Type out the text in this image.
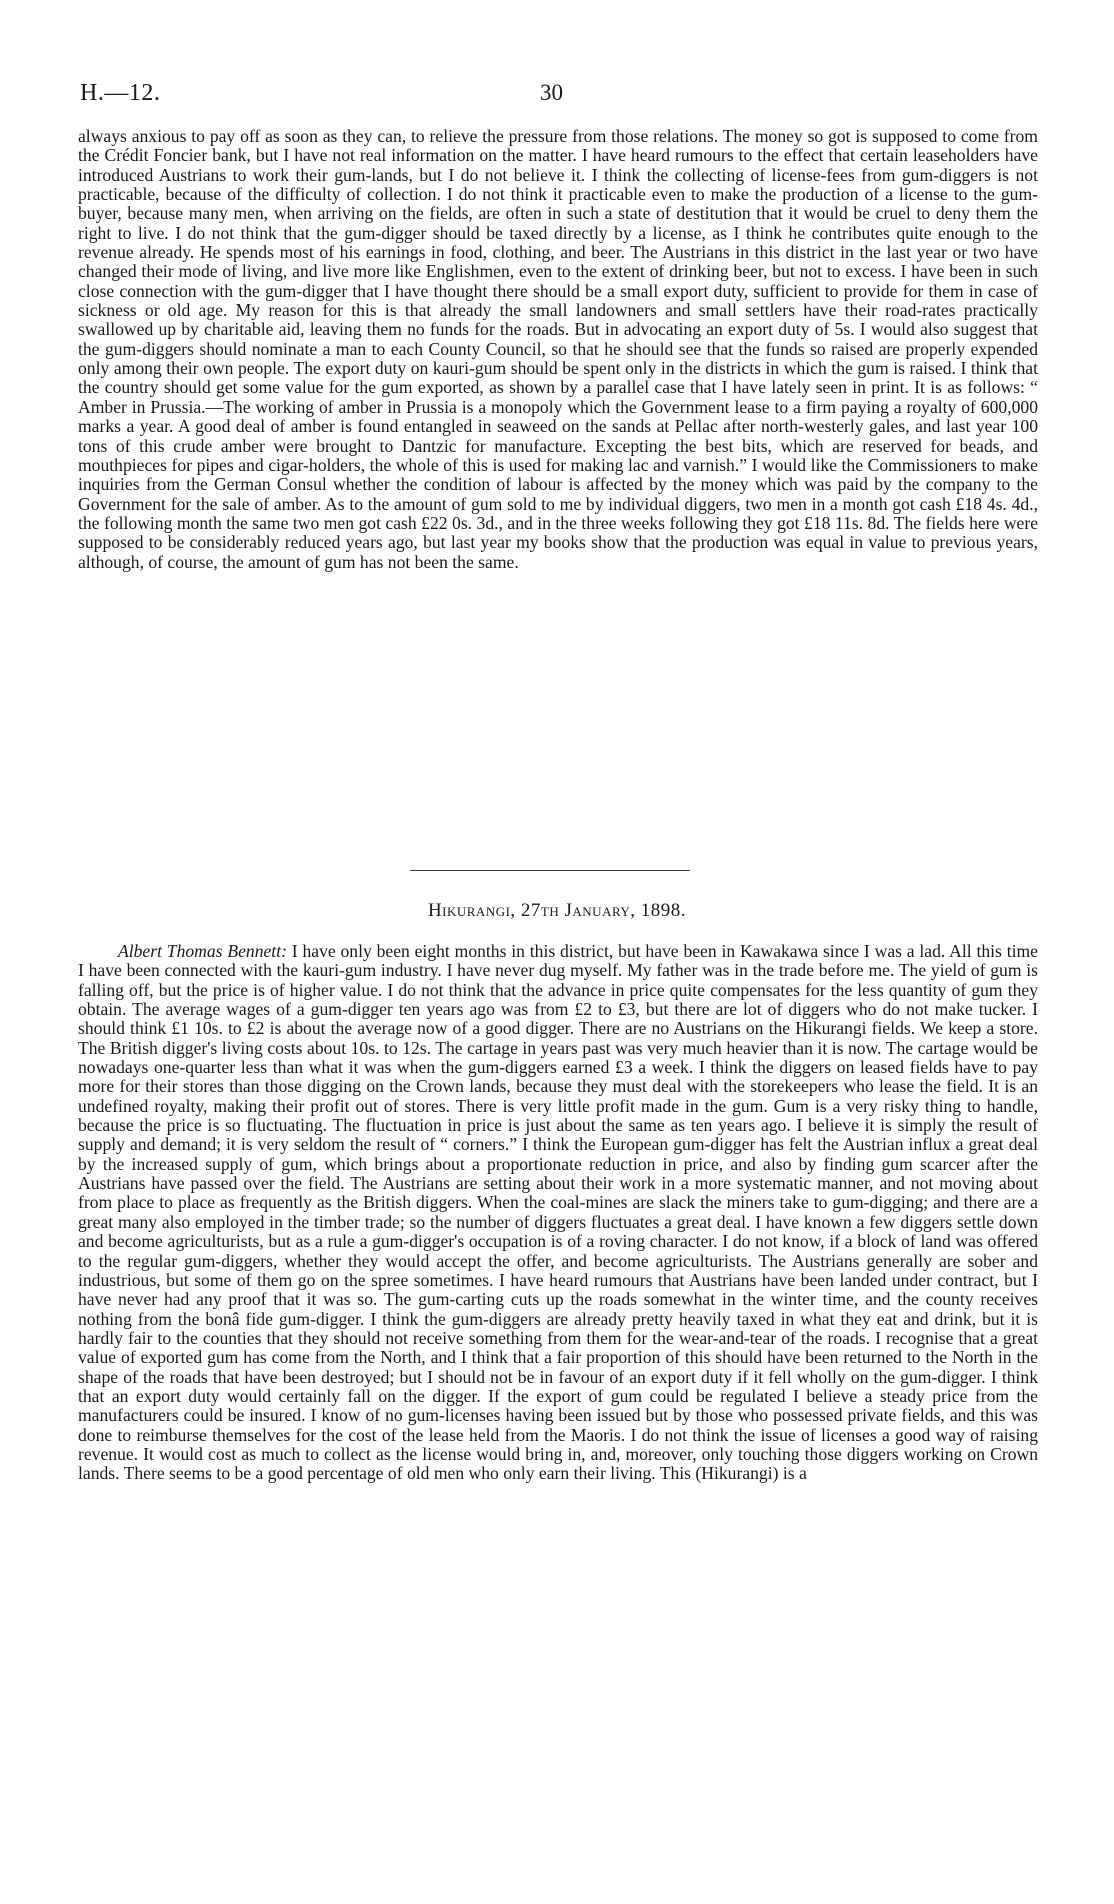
H.—12.	30

always anxious to pay off as soon as they can, to relieve the pressure from those relations. The money so got is supposed to come from the Crédit Foncier bank, but I have not real information on the matter. I have heard rumours to the effect that certain leaseholders have introduced Austrians to work their gum-lands, but I do not believe it. I think the collecting of license-fees from gum-diggers is not practicable, because of the difficulty of collection. I do not think it practicable even to make the production of a license to the gum-buyer, because many men, when arriving on the fields, are often in such a state of destitution that it would be cruel to deny them the right to live. I do not think that the gum-digger should be taxed directly by a license, as I think he contributes quite enough to the revenue already. He spends most of his earnings in food, clothing, and beer. The Austrians in this district in the last year or two have changed their mode of living, and live more like Englishmen, even to the extent of drinking beer, but not to excess. I have been in such close connection with the gum-digger that I have thought there should be a small export duty, sufficient to provide for them in case of sickness or old age. My reason for this is that already the small landowners and small settlers have their road-rates practically swallowed up by charitable aid, leaving them no funds for the roads. But in advocating an export duty of 5s. I would also suggest that the gum-diggers should nominate a man to each County Council, so that he should see that the funds so raised are properly expended only among their own people. The export duty on kauri-gum should be spent only in the districts in which the gum is raised. I think that the country should get some value for the gum exported, as shown by a parallel case that I have lately seen in print. It is as follows: “ Amber in Prussia.—The working of amber in Prussia is a monopoly which the Government lease to a firm paying a royalty of 600,000 marks a year. A good deal of amber is found entangled in seaweed on the sands at Pellac after north-westerly gales, and last year 100 tons of this crude amber were brought to Dantzic for manufacture. Excepting the best bits, which are reserved for beads, and mouthpieces for pipes and cigar-holders, the whole of this is used for making lac and varnish.” I would like the Commissioners to make inquiries from the German Consul whether the condition of labour is affected by the money which was paid by the company to the Government for the sale of amber. As to the amount of gum sold to me by individual diggers, two men in a month got cash £18 4s. 4d., the following month the same two men got cash £22 0s. 3d., and in the three weeks following they got £18 11s. 8d. The fields here were supposed to be considerably reduced years ago, but last year my books show that the production was equal in value to previous years, although, of course, the amount of gum has not been the same.

Hikurangi, 27th January, 1898.

Albert Thomas Bennett: I have only been eight months in this district, but have been in Kawakawa since I was a lad. All this time I have been connected with the kauri-gum industry. I have never dug myself. My father was in the trade before me. The yield of gum is falling off, but the price is of higher value. I do not think that the advance in price quite compensates for the less quantity of gum they obtain. The average wages of a gum-digger ten years ago was from £2 to £3, but there are lot of diggers who do not make tucker. I should think £1 10s. to £2 is about the average now of a good digger. There are no Austrians on the Hikurangi fields. We keep a store. The British digger's living costs about 10s. to 12s. The cartage in years past was very much heavier than it is now. The cartage would be nowadays one-quarter less than what it was when the gum-diggers earned £3 a week. I think the diggers on leased fields have to pay more for their stores than those digging on the Crown lands, because they must deal with the storekeepers who lease the field. It is an undefined royalty, making their profit out of stores. There is very little profit made in the gum. Gum is a very risky thing to handle, because the price is so fluctuating. The fluctuation in price is just about the same as ten years ago. I believe it is simply the result of supply and demand; it is very seldom the result of “ corners.” I think the European gum-digger has felt the Austrian influx a great deal by the increased supply of gum, which brings about a proportionate reduction in price, and also by finding gum scarcer after the Austrians have passed over the field. The Austrians are setting about their work in a more systematic manner, and not moving about from place to place as frequently as the British diggers. When the coal-mines are slack the miners take to gum-digging; and there are a great many also employed in the timber trade; so the number of diggers fluctuates a great deal. I have known a few diggers settle down and become agriculturists, but as a rule a gum-digger's occupation is of a roving character. I do not know, if a block of land was offered to the regular gum-diggers, whether they would accept the offer, and become agriculturists. The Austrians generally are sober and industrious, but some of them go on the spree sometimes. I have heard rumours that Austrians have been landed under contract, but I have never had any proof that it was so. The gum-carting cuts up the roads somewhat in the winter time, and the county receives nothing from the bonâ fide gum-digger. I think the gum-diggers are already pretty heavily taxed in what they eat and drink, but it is hardly fair to the counties that they should not receive something from them for the wear-and-tear of the roads. I recognise that a great value of exported gum has come from the North, and I think that a fair proportion of this should have been returned to the North in the shape of the roads that have been destroyed; but I should not be in favour of an export duty if it fell wholly on the gum-digger. I think that an export duty would certainly fall on the digger. If the export of gum could be regulated I believe a steady price from the manufacturers could be insured. I know of no gum-licenses having been issued but by those who possessed private fields, and this was done to reimburse themselves for the cost of the lease held from the Maoris. I do not think the issue of licenses a good way of raising revenue. It would cost as much to collect as the license would bring in, and, moreover, only touching those diggers working on Crown lands. There seems to be a good percentage of old men who only earn their living. This (Hikurangi) is a
